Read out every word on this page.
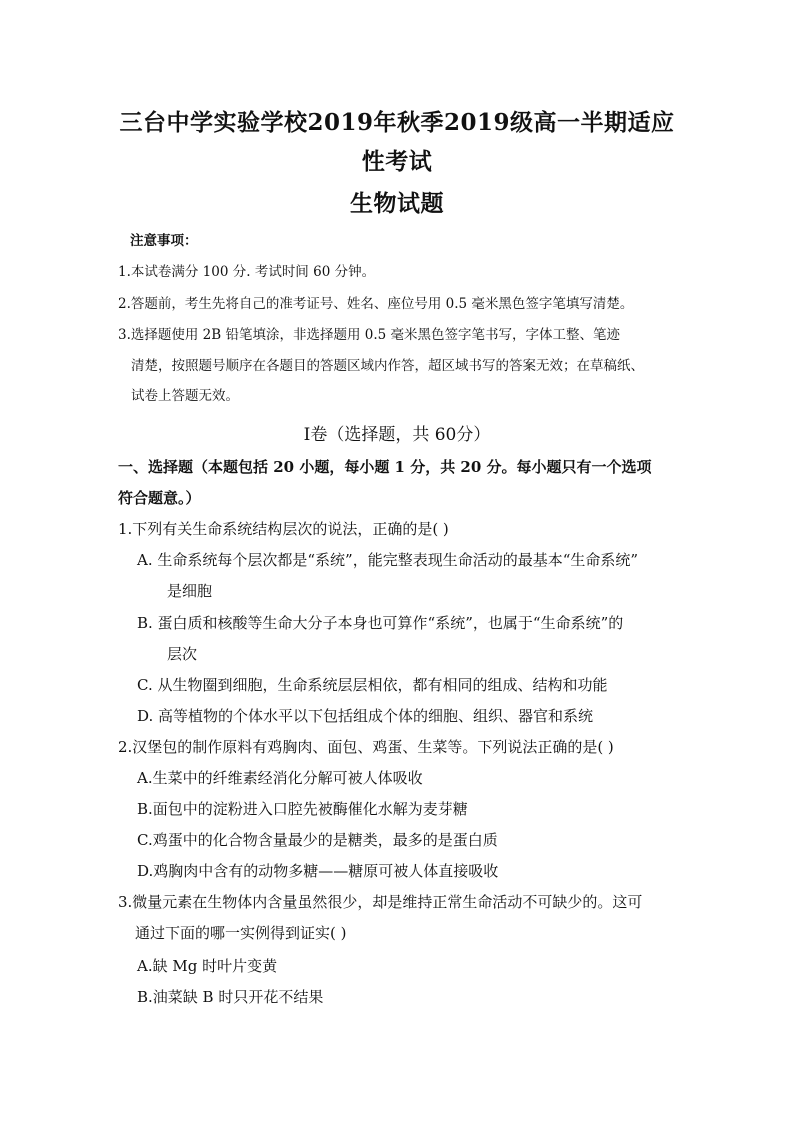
三台中学实验学校2019年秋季2019级高一半期适应
性考试
生物试题
注意事项：
1.本试卷满分 100 分. 考试时间 60 分钟。
2.答题前，考生先将自己的准考证号、姓名、座位号用 0.5 毫米黑色签字笔填写清楚。
3.选择题使用 2B 铅笔填涂，非选择题用 0.5 毫米黑色签字笔书写，字体工整、笔迹
清楚，按照题号顺序在各题目的答题区域内作答，超区域书写的答案无效；在草稿纸、
试卷上答题无效。
Ⅰ卷（选择题，共 60分）
一、选择题（本题包括 20 小题，每小题 1 分，共 20 分。每小题只有一个选项
符合题意。）
1.下列有关生命系统结构层次的说法，正确的是( )
A. 生命系统每个层次都是“系统”，能完整表现生命活动的最基本“生命系统”
是细胞
B. 蛋白质和核酸等生命大分子本身也可算作“系统”，也属于“生命系统”的
层次
C. 从生物圈到细胞，生命系统层层相依，都有相同的组成、结构和功能
D. 高等植物的个体水平以下包括组成个体的细胞、组织、器官和系统
2.汉堡包的制作原料有鸡胸肉、面包、鸡蛋、生菜等。下列说法正确的是( )
A.生菜中的纤维素经消化分解可被人体吸收
B.面包中的淀粉进入口腔先被酶催化水解为麦芽糖
C.鸡蛋中的化合物含量最少的是糖类，最多的是蛋白质
D.鸡胸肉中含有的动物多糖——糖原可被人体直接吸收
3.微量元素在生物体内含量虽然很少，却是维持正常生命活动不可缺少的。这可
通过下面的哪一实例得到证实( )
A.缺 Mg 时叶片变黄
B.油菜缺 B 时只开花不结果
